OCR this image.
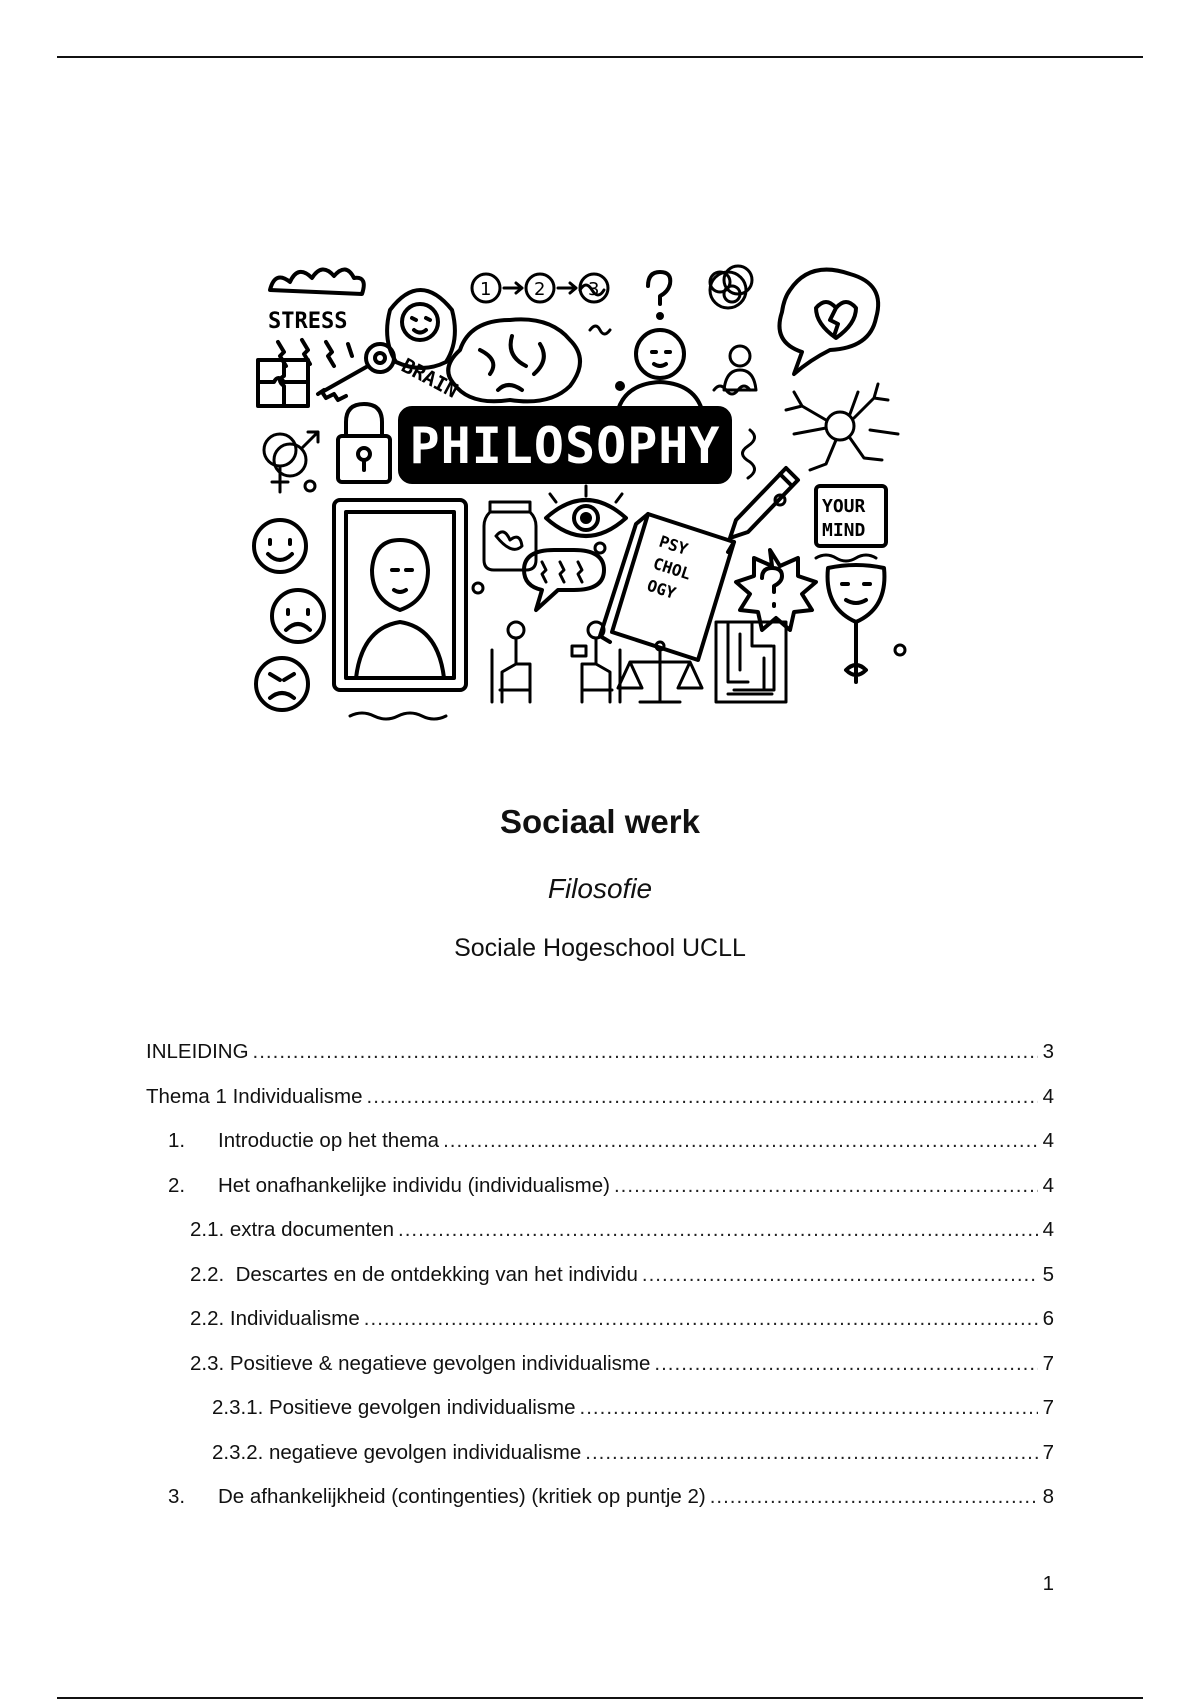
STRESS
1 2 3
BRAIN
PHILOSOPHY
YOUR
MIND
PSY
CHOL
OGY
Sociaal werk
Filosofie
Sociale Hogeschool UCLL
INLEIDING .....	3
Thema 1 Individualisme .....	4
1.	Introductie op het thema .....	4
2.	Het onafhankelijke individu (individualisme) .....	4
2.1. extra documenten .....	4
2.2.  Descartes en de ontdekking van het individu .....	5
2.2. Individualisme .....	6
2.3. Positieve & negatieve gevolgen individualisme .....	7
2.3.1. Positieve gevolgen individualisme .....	7
2.3.2. negatieve gevolgen individualisme .....	7
3.	De afhankelijkheid (contingenties) (kritiek op puntje 2) .....	8
1
